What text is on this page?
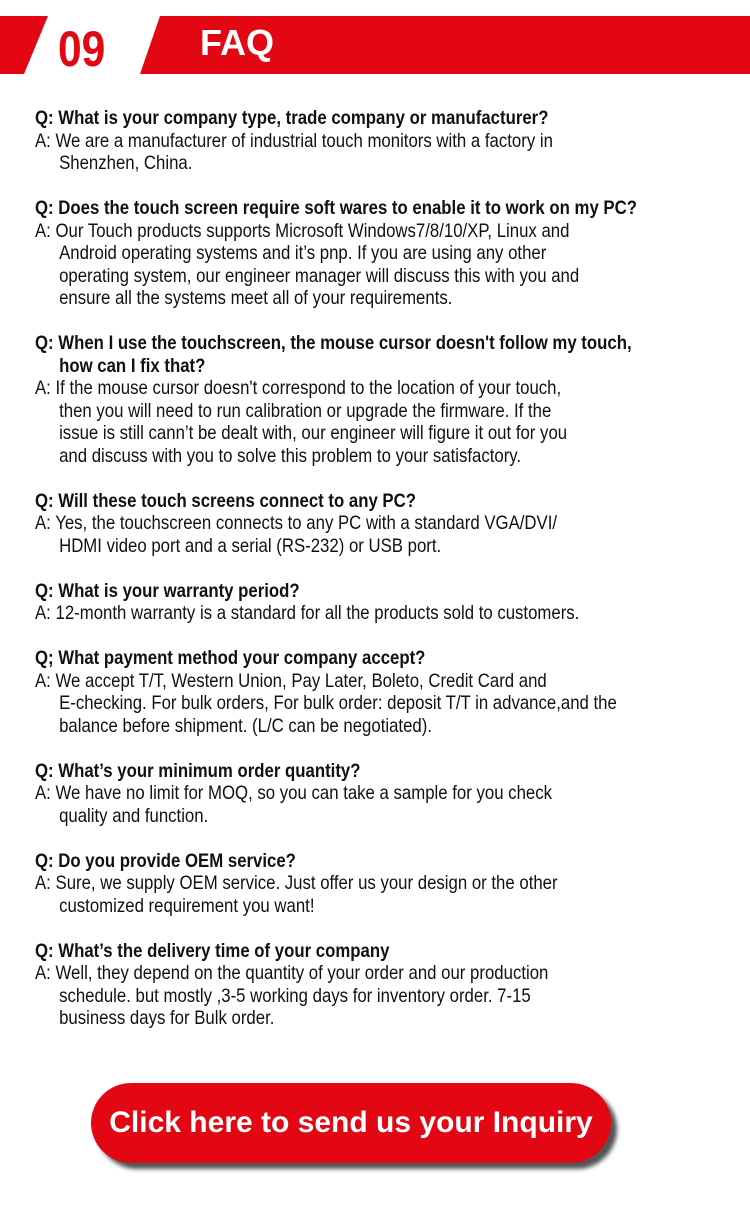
09	FAQ
Q: What is your company type, trade company or manufacturer?
A: We are a manufacturer of industrial touch monitors with a factory in
Shenzhen, China.
Q: Does the touch screen require soft wares to enable it to work on my PC?
A: Our Touch products supports Microsoft Windows7/8/10/XP, Linux and
Android operating systems and it’s pnp. If you are using any other
operating system, our engineer manager will discuss this with you and
ensure all the systems meet all of your requirements.
Q: When I use the touchscreen, the mouse cursor doesn't follow my touch,
how can I fix that?
A: If the mouse cursor doesn't correspond to the location of your touch,
then you will need to run calibration or upgrade the firmware. If the
issue is still cann’t be dealt with, our engineer will figure it out for you
and discuss with you to solve this problem to your satisfactory.
Q: Will these touch screens connect to any PC?
A: Yes, the touchscreen connects to any PC with a standard VGA/DVI/
HDMI video port and a serial (RS-232) or USB port.
Q: What is your warranty period?
A: 12-month warranty is a standard for all the products sold to customers.
Q; What payment method your company accept?
A: We accept T/T, Western Union, Pay Later, Boleto, Credit Card and
E-checking. For bulk orders, For bulk order: deposit T/T in advance,and the
balance before shipment. (L/C can be negotiated).
Q: What’s your minimum order quantity?
A: We have no limit for MOQ, so you can take a sample for you check
quality and function.
Q: Do you provide OEM service?
A: Sure, we supply OEM service. Just offer us your design or the other
customized requirement you want!
Q: What’s the delivery time of your company
A: Well, they depend on the quantity of your order and our production
schedule. but mostly ,3-5 working days for inventory order. 7-15
business days for Bulk order.
Click here to send us your Inquiry
